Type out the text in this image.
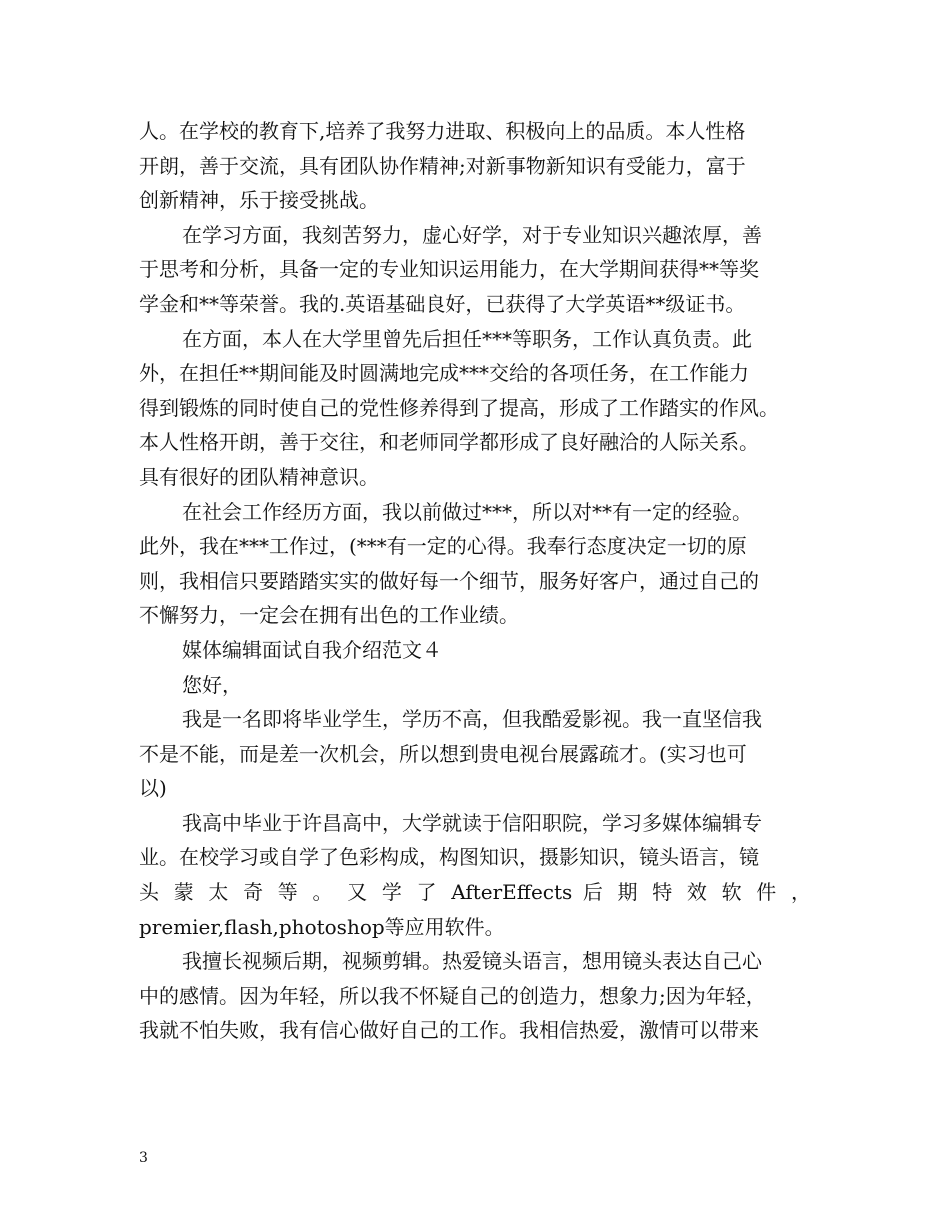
人。在学校的教育下,培养了我努力进取、积极向上的品质。本人性格
开朗，善于交流，具有团队协作精神;对新事物新知识有受能力，富于
创新精神，乐于接受挑战。
在学习方面，我刻苦努力，虚心好学，对于专业知识兴趣浓厚，善
于思考和分析，具备一定的专业知识运用能力，在大学期间获得**等奖
学金和**等荣誉。我的.英语基础良好，已获得了大学英语**级证书。
在方面，本人在大学里曾先后担任***等职务，工作认真负责。此
外，在担任**期间能及时圆满地完成***交给的各项任务，在工作能力
得到锻炼的同时使自己的党性修养得到了提高，形成了工作踏实的作风。
本人性格开朗，善于交往，和老师同学都形成了良好融洽的人际关系。
具有很好的团队精神意识。
在社会工作经历方面，我以前做过***，所以对**有一定的经验。
此外，我在***工作过，(***有一定的心得。我奉行态度决定一切的原
则，我相信只要踏踏实实的做好每一个细节，服务好客户，通过自己的
不懈努力，一定会在拥有出色的工作业绩。
媒体编辑面试自我介绍范文４
您好，
我是一名即将毕业学生，学历不高，但我酷爱影视。我一直坚信我
不是不能，而是差一次机会，所以想到贵电视台展露疏才。(实习也可
以)
我高中毕业于许昌高中，大学就读于信阳职院，学习多媒体编辑专
业。在校学习或自学了色彩构成，构图知识，摄影知识，镜头语言，镜
头 蒙 太 奇 等 。 又 学 了 AfterEffects 后 期 特 效 软 件 ，
premier,flash,photoshop等应用软件。
我擅长视频后期，视频剪辑。热爱镜头语言，想用镜头表达自己心
中的感情。因为年轻，所以我不怀疑自己的创造力，想象力;因为年轻，
我就不怕失败，我有信心做好自己的工作。我相信热爱，激情可以带来
3
